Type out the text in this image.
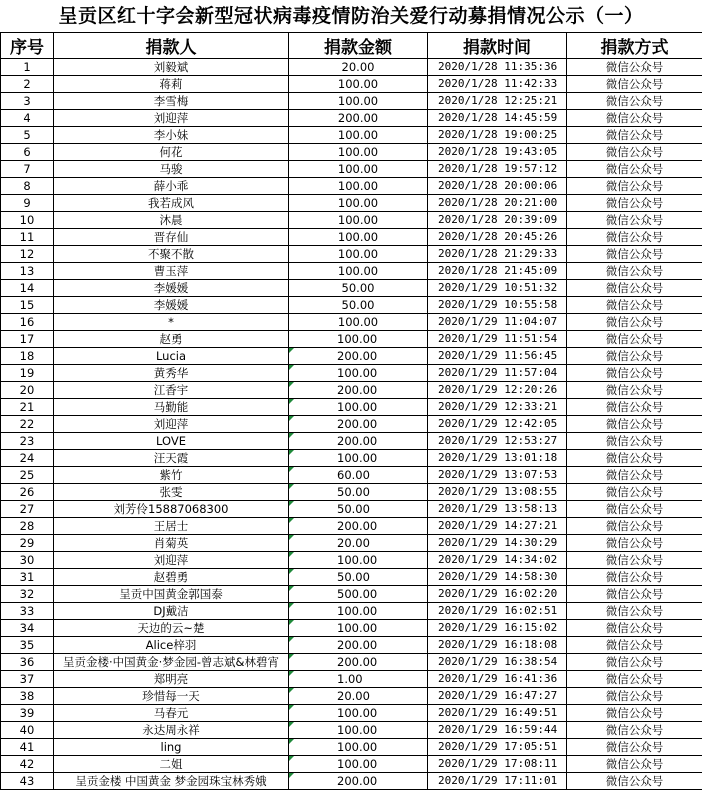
呈贡区红十字会新型冠状病毒疫情防治关爱行动募捐情况公示（一）
序号	捐款人	捐款金额	捐款时间	捐款方式
1	刘毅斌	20.00	2020/1/28 11:35:36	微信公众号
2	蒋莉	100.00	2020/1/28 11:42:33	微信公众号
3	李雪梅	100.00	2020/1/28 12:25:21	微信公众号
4	刘迎萍	200.00	2020/1/28 14:45:59	微信公众号
5	李小妹	100.00	2020/1/28 19:00:25	微信公众号
6	何花	100.00	2020/1/28 19:43:05	微信公众号
7	马骏	100.00	2020/1/28 19:57:12	微信公众号
8	薛小乖	100.00	2020/1/28 20:00:06	微信公众号
9	我若成风	100.00	2020/1/28 20:21:00	微信公众号
10	沐晨	100.00	2020/1/28 20:39:09	微信公众号
11	晋存仙	100.00	2020/1/28 20:45:26	微信公众号
12	不聚不散	100.00	2020/1/28 21:29:33	微信公众号
13	曹玉萍	100.00	2020/1/28 21:45:09	微信公众号
14	李媛媛	50.00	2020/1/29 10:51:32	微信公众号
15	李媛媛	50.00	2020/1/29 10:55:58	微信公众号
16	*	100.00	2020/1/29 11:04:07	微信公众号
17	赵勇	100.00	2020/1/29 11:51:54	微信公众号
18	Lucia	200.00	2020/1/29 11:56:45	微信公众号
19	黄秀华	100.00	2020/1/29 11:57:04	微信公众号
20	江香宇	200.00	2020/1/29 12:20:26	微信公众号
21	马勤能	100.00	2020/1/29 12:33:21	微信公众号
22	刘迎萍	200.00	2020/1/29 12:42:05	微信公众号
23	LOVE	200.00	2020/1/29 12:53:27	微信公众号
24	汪天霞	100.00	2020/1/29 13:01:18	微信公众号
25	紫竹	60.00	2020/1/29 13:07:53	微信公众号
26	张雯	50.00	2020/1/29 13:08:55	微信公众号
27	刘芳伶15887068300	50.00	2020/1/29 13:58:13	微信公众号
28	王居士	200.00	2020/1/29 14:27:21	微信公众号
29	肖菊英	20.00	2020/1/29 14:30:29	微信公众号
30	刘迎萍	100.00	2020/1/29 14:34:02	微信公众号
31	赵碧勇	50.00	2020/1/29 14:58:30	微信公众号
32	呈贡中国黄金郭国泰	500.00	2020/1/29 16:02:20	微信公众号
33	DJ戴洁	100.00	2020/1/29 16:02:51	微信公众号
34	天边的云~楚	100.00	2020/1/29 16:15:02	微信公众号
35	Alice梓羽	200.00	2020/1/29 16:18:08	微信公众号
36	呈贡金楼·中国黄金·梦金园-曾志斌&林碧宵	200.00	2020/1/29 16:38:54	微信公众号
37	郑明亮	1.00	2020/1/29 16:41:36	微信公众号
38	珍惜每一天	20.00	2020/1/29 16:47:27	微信公众号
39	马春元	100.00	2020/1/29 16:49:51	微信公众号
40	永达周永祥	100.00	2020/1/29 16:59:44	微信公众号
41	ling	100.00	2020/1/29 17:05:51	微信公众号
42	二姐	100.00	2020/1/29 17:08:11	微信公众号
43	呈贡金楼 中国黄金 梦金园珠宝林秀娥	200.00	2020/1/29 17:11:01	微信公众号
